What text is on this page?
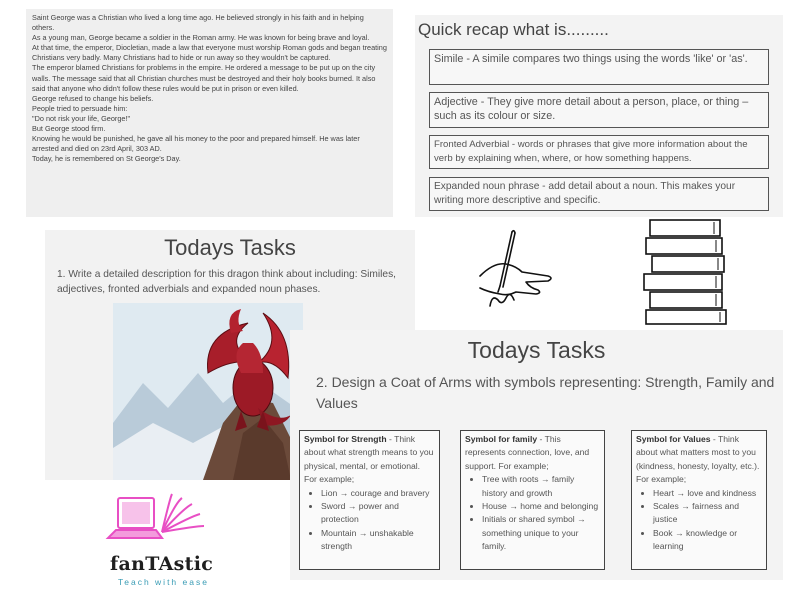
Saint George was a Christian who lived a long time ago. He believed strongly in his faith and in helping others.
As a young man, George became a soldier in the Roman army. He was known for being brave and loyal.
At that time, the emperor, Diocletian, made a law that everyone must worship Roman gods and began treating Christians very badly. Many Christians had to hide or run away so they wouldn't be captured.
The emperor blamed Christians for problems in the empire. He ordered a message to be put up on the city walls. The message said that all Christian churches must be destroyed and their holy books burned. It also said that anyone who didn't follow these rules would be put in prison or even killed.
George refused to change his beliefs.
People tried to persuade him:
"Do not risk your life, George!"
But George stood firm.
Knowing he would be punished, he gave all his money to the poor and prepared himself. He was later arrested and died on 23rd April, 303 AD.
Today, he is remembered on St George's Day.
Quick recap what is.........
Simile - A simile compares two things using the words 'like' or 'as'.
Adjective - They give more detail about a person, place, or thing – such as its colour or size.
Fronted Adverbial - words or phrases that give more information about the verb by explaining when, where, or how something happens.
Expanded noun phrase - add detail about a noun. This makes your writing more descriptive and specific.
Todays Tasks
1. Write a detailed description for this dragon think about including: Similes, adjectives, fronted adverbials and expanded noun phases.
Todays Tasks
2. Design a Coat of Arms with symbols representing: Strength, Family and Values
Symbol for Strength - Think about what strength means to you physical, mental, or emotional. For example;
• Lion → courage and bravery
• Sword → power and protection
• Mountain → unshakable strength
Symbol for family - This represents connection, love, and support. For example;
• Tree with roots → family history and growth
• House → home and belonging
• Initials or shared symbol → something unique to your family.
Symbol for Values - Think about what matters most to you (kindness, honesty, loyalty, etc.). For example;
• Heart → love and kindness
• Scales → fairness and justice
• Book → knowledge or learning
fanTAstic
Teach with ease
